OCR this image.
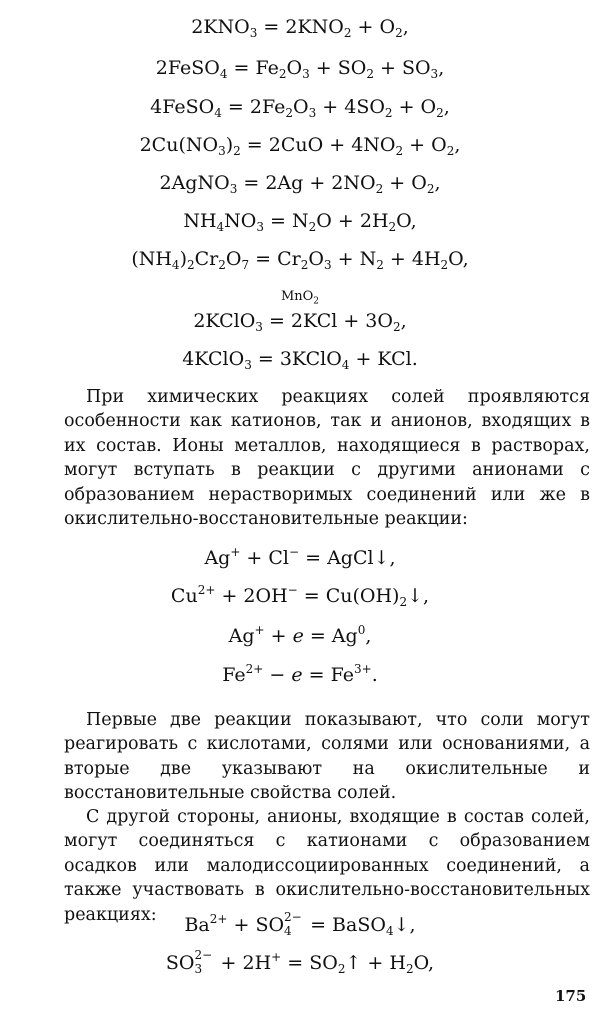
$2KNO_3 = 2KNO_2 + O_2$,
2FeSO$_4$ = $Fe_2O_3 + SO_2 + SO_3$,
4FeSO$_4$ = $2Fe_2O_3 + 4SO_2 + O_2$,
$2Cu(NO_3)_2 = 2CuO + 4NO_2 + O_2$,
2AgNO$_3$ = $2Ag + 2NO_2 + O_2$,
$NH_4NO_3 = N_2O + 2H_2O$,
$(NH_4)_2Cr_2O_7 = Cr_2O_3 + N_2 + 4H_2O$,
MnO$_2$
2KClO$_3$ = $2KCl + 3O_2$,
4KClO$_3$ = 3KClO$_4$ + KCl.

При химических реакциях солей проявляются особенности как катионов, так и анионов, входящих в их состав. Ионы металлов, находящиеся в растворах, могут вступать в реакции с другими анионами с образованием нерастворимых соединений или же в окислительно-восстановительные реакции:

Ag+ + Cl− = AgCl↓,
$Cu^{2+} + 2OH^-$ = $Cu(OH)_2↓$,
$Ag^+ + e = Ag^0$,
$Fe^{2+} - e = Fe^{3+}$.

Первые две реакции показывают, что соли могут реагировать с кислотами, солями или основаниями, а вторые две указывают на окислительные и восстановительные свойства солей.

С другой стороны, анионы, входящие в состав солей, могут соединяться с катионами с образованием осадков или малодиссоциированных соединений, а также участвовать в окислительно-восстановительных реакциях:	$Ba^{2+}$ + SO 2−
4 = BaSO$_4$↓,
SO 2−
$3 + 2H^+ = SO_2↑ + H_2O$,
175
